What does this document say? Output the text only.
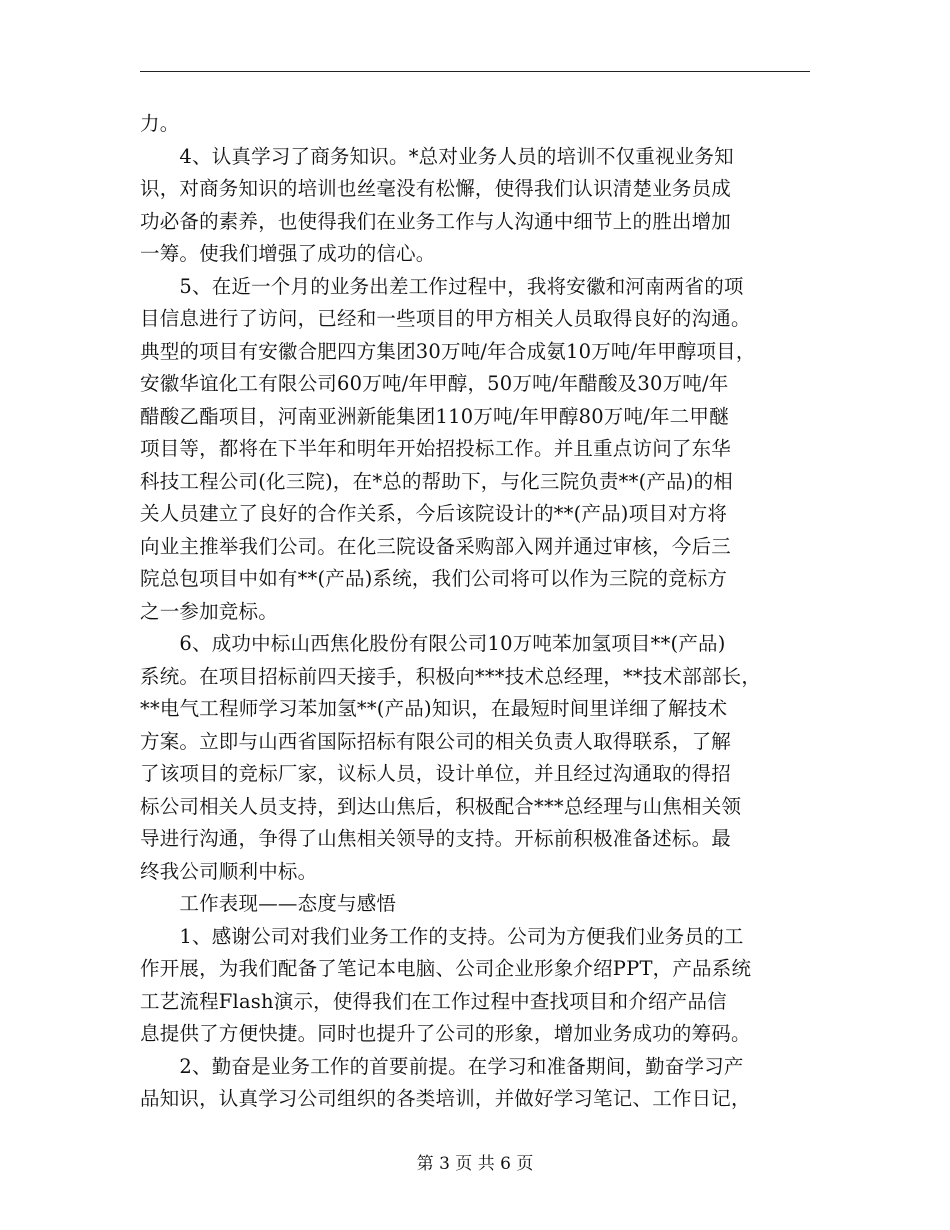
力。
　　4、认真学习了商务知识。*总对业务人员的培训不仅重视业务知
识，对商务知识的培训也丝毫没有松懈，使得我们认识清楚业务员成
功必备的素养，也使得我们在业务工作与人沟通中细节上的胜出增加
一筹。使我们增强了成功的信心。
　　5、在近一个月的业务出差工作过程中，我将安徽和河南两省的项
目信息进行了访问，已经和一些项目的甲方相关人员取得良好的沟通。
典型的项目有安徽合肥四方集团30万吨/年合成氨10万吨/年甲醇项目，
安徽华谊化工有限公司60万吨/年甲醇，50万吨/年醋酸及30万吨/年
醋酸乙酯项目，河南亚洲新能集团110万吨/年甲醇80万吨/年二甲醚
项目等，都将在下半年和明年开始招投标工作。并且重点访问了东华
科技工程公司(化三院)，在*总的帮助下，与化三院负责**(产品)的相
关人员建立了良好的合作关系，今后该院设计的**(产品)项目对方将
向业主推举我们公司。在化三院设备采购部入网并通过审核，今后三
院总包项目中如有**(产品)系统，我们公司将可以作为三院的竞标方
之一参加竞标。
　　6、成功中标山西焦化股份有限公司10万吨苯加氢项目**(产品)
系统。在项目招标前四天接手，积极向***技术总经理，**技术部部长，
**电气工程师学习苯加氢**(产品)知识，在最短时间里详细了解技术
方案。立即与山西省国际招标有限公司的相关负责人取得联系，了解
了该项目的竞标厂家，议标人员，设计单位，并且经过沟通取的得招
标公司相关人员支持，到达山焦后，积极配合***总经理与山焦相关领
导进行沟通，争得了山焦相关领导的支持。开标前积极准备述标。最
终我公司顺利中标。
　　工作表现——态度与感悟
　　1、感谢公司对我们业务工作的支持。公司为方便我们业务员的工
作开展，为我们配备了笔记本电脑、公司企业形象介绍PPT，产品系统
工艺流程Flash演示，使得我们在工作过程中查找项目和介绍产品信
息提供了方便快捷。同时也提升了公司的形象，增加业务成功的筹码。
　　2、勤奋是业务工作的首要前提。在学习和准备期间，勤奋学习产
品知识，认真学习公司组织的各类培训，并做好学习笔记、工作日记，
第 3 页 共 6 页
